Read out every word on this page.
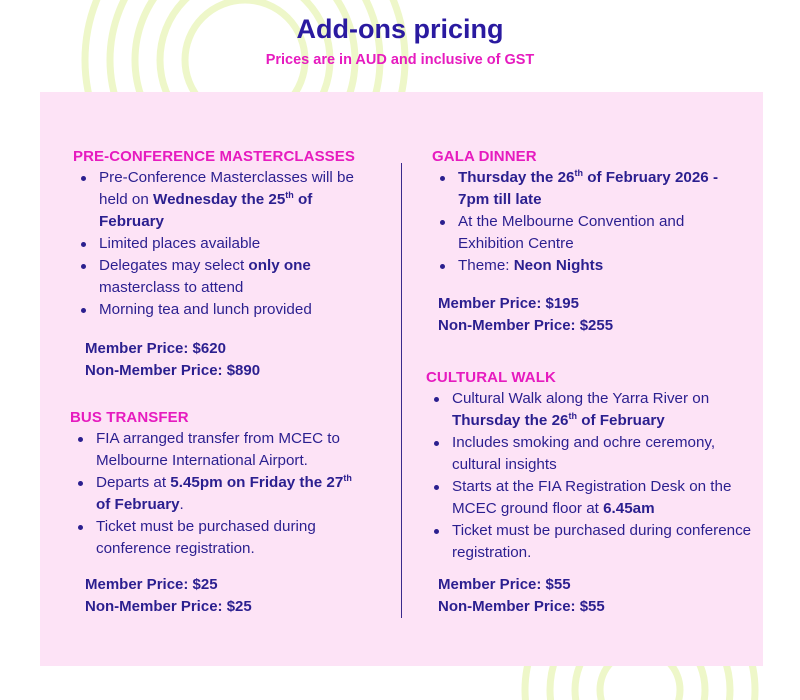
Add-ons pricing
Prices are in AUD and inclusive of GST
PRE-CONFERENCE MASTERCLASSES
Pre-Conference Masterclasses will be held on Wednesday the 25th of February
Limited places available
Delegates may select only one masterclass to attend
Morning tea and lunch provided
Member Price: $620
Non-Member Price: $890
BUS TRANSFER
FIA arranged transfer from MCEC to Melbourne International Airport.
Departs at 5.45pm on Friday the 27th of February.
Ticket must be purchased during conference registration.
Member Price: $25
Non-Member Price: $25
GALA DINNER
Thursday the 26th of February 2026 - 7pm till late
At the Melbourne Convention and Exhibition Centre
Theme: Neon Nights
Member Price: $195
Non-Member Price: $255
CULTURAL WALK
Cultural Walk along the Yarra River on Thursday the 26th of February
Includes smoking and ochre ceremony, cultural insights
Starts at the FIA Registration Desk on the MCEC ground floor at 6.45am
Ticket must be purchased during conference registration.
Member Price: $55
Non-Member Price: $55
